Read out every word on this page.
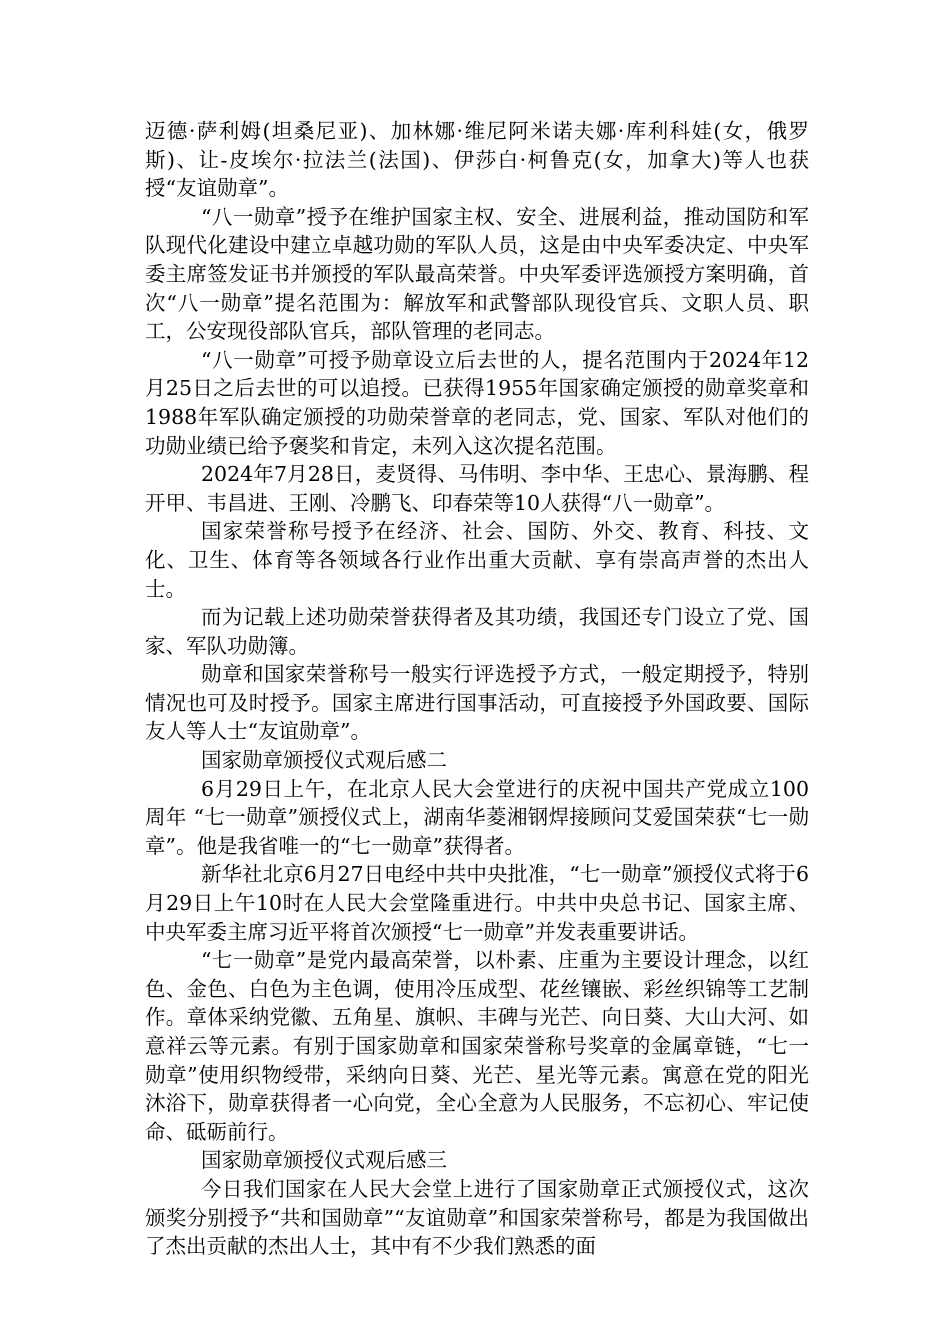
迈德·萨利姆(坦桑尼亚)、加林娜·维尼阿米诺夫娜·库利科娃(女，俄罗斯)、让-皮埃尔·拉法兰(法国)、伊莎白·柯鲁克(女，加拿大)等人也获授“友谊勋章”。

“八一勋章”授予在维护国家主权、安全、进展利益，推动国防和军队现代化建设中建立卓越功勋的军队人员，这是由中央军委决定、中央军委主席签发证书并颁授的军队最高荣誉。中央军委评选颁授方案明确，首次“八一勋章”提名范围为：解放军和武警部队现役官兵、文职人员、职工，公安现役部队官兵，部队管理的老同志。

“八一勋章”可授予勋章设立后去世的人，提名范围内于2024年12月25日之后去世的可以追授。已获得1955年国家确定颁授的勋章奖章和1988年军队确定颁授的功勋荣誉章的老同志，党、国家、军队对他们的功勋业绩已给予褒奖和肯定，未列入这次提名范围。

2024年7月28日，麦贤得、马伟明、李中华、王忠心、景海鹏、程开甲、韦昌进、王刚、冷鹏飞、印春荣等10人获得“八一勋章”。

国家荣誉称号授予在经济、社会、国防、外交、教育、科技、文化、卫生、体育等各领域各行业作出重大贡献、享有崇高声誉的杰出人士。

而为记载上述功勋荣誉获得者及其功绩，我国还专门设立了党、国家、军队功勋簿。

勋章和国家荣誉称号一般实行评选授予方式，一般定期授予，特别情况也可及时授予。国家主席进行国事活动，可直接授予外国政要、国际友人等人士“友谊勋章”。

国家勋章颁授仪式观后感二

6月29日上午，在北京人民大会堂进行的庆祝中国共产党成立100周年 “七一勋章”颁授仪式上，湖南华菱湘钢焊接顾问艾爱国荣获“七一勋章”。他是我省唯一的“七一勋章”获得者。

新华社北京6月27日电经中共中央批准，“七一勋章”颁授仪式将于6月29日上午10时在人民大会堂隆重进行。中共中央总书记、国家主席、中央军委主席习近平将首次颁授“七一勋章”并发表重要讲话。

“七一勋章”是党内最高荣誉，以朴素、庄重为主要设计理念，以红色、金色、白色为主色调，使用冷压成型、花丝镶嵌、彩丝织锦等工艺制作。章体采纳党徽、五角星、旗帜、丰碑与光芒、向日葵、大山大河、如意祥云等元素。有别于国家勋章和国家荣誉称号奖章的金属章链，“七一勋章”使用织物绶带，采纳向日葵、光芒、星光等元素。寓意在党的阳光沐浴下，勋章获得者一心向党，全心全意为人民服务，不忘初心、牢记使命、砥砺前行。

国家勋章颁授仪式观后感三

今日我们国家在人民大会堂上进行了国家勋章正式颁授仪式，这次颁奖分别授予“共和国勋章”“友谊勋章”和国家荣誉称号，都是为我国做出了杰出贡献的杰出人士，其中有不少我们熟悉的面
